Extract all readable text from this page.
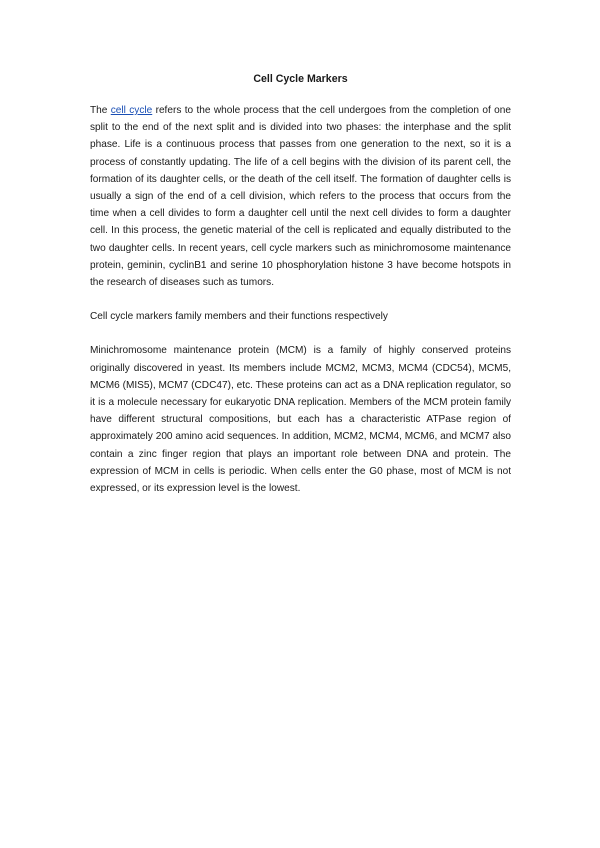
Cell Cycle Markers

The cell cycle refers to the whole process that the cell undergoes from the completion of one split to the end of the next split and is divided into two phases: the interphase and the split phase. Life is a continuous process that passes from one generation to the next, so it is a process of constantly updating. The life of a cell begins with the division of its parent cell, the formation of its daughter cells, or the death of the cell itself. The formation of daughter cells is usually a sign of the end of a cell division, which refers to the process that occurs from the time when a cell divides to form a daughter cell until the next cell divides to form a daughter cell. In this process, the genetic material of the cell is replicated and equally distributed to the two daughter cells. In recent years, cell cycle markers such as minichromosome maintenance protein, geminin, cyclinB1 and serine 10 phosphorylation histone 3 have become hotspots in the research of diseases such as tumors.

Cell cycle markers family members and their functions respectively

Minichromosome maintenance protein (MCM) is a family of highly conserved proteins originally discovered in yeast. Its members include MCM2, MCM3, MCM4 (CDC54), MCM5, MCM6 (MIS5), MCM7 (CDC47), etc. These proteins can act as a DNA replication regulator, so it is a molecule necessary for eukaryotic DNA replication. Members of the MCM protein family have different structural compositions, but each has a characteristic ATPase region of approximately 200 amino acid sequences. In addition, MCM2, MCM4, MCM6, and MCM7 also contain a zinc finger region that plays an important role between DNA and protein. The expression of MCM in cells is periodic. When cells enter the G0 phase, most of MCM is not expressed, or its expression level is the lowest.
